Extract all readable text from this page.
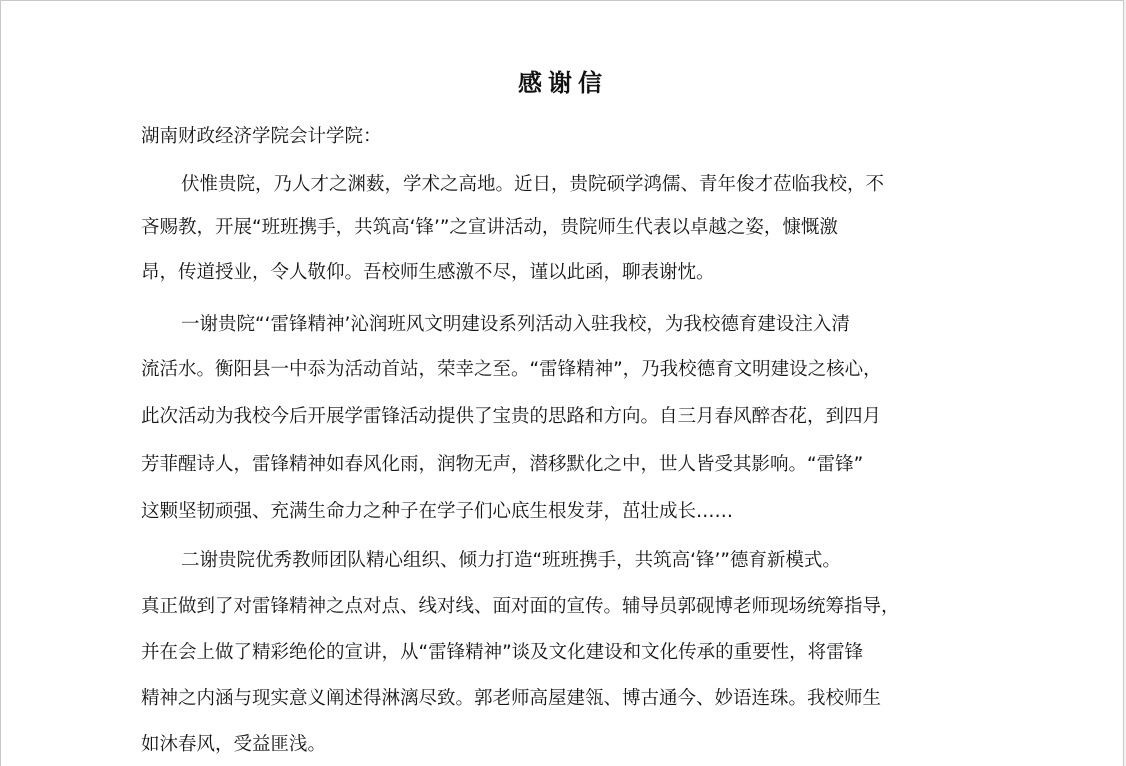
感谢信
湖南财政经济学院会计学院：
伏惟贵院，乃人才之渊薮，学术之高地。近日，贵院硕学鸿儒、青年俊才莅临我校，不
吝赐教，开展“班班携手，共筑高‘锋’”之宣讲活动，贵院师生代表以卓越之姿，慷慨激
昂，传道授业，令人敬仰。吾校师生感激不尽，谨以此函，聊表谢忱。
一谢贵院“‘雷锋精神’沁润班风文明建设系列活动入驻我校，为我校德育建设注入清
流活水。衡阳县一中忝为活动首站，荣幸之至。“雷锋精神”，乃我校德育文明建设之核心，
此次活动为我校今后开展学雷锋活动提供了宝贵的思路和方向。自三月春风醉杏花，到四月
芳菲醒诗人，雷锋精神如春风化雨，润物无声，潜移默化之中，世人皆受其影响。“雷锋”
这颗坚韧顽强、充满生命力之种子在学子们心底生根发芽，茁壮成长……
二谢贵院优秀教师团队精心组织、倾力打造“班班携手，共筑高‘锋’”德育新模式。
真正做到了对雷锋精神之点对点、线对线、面对面的宣传。辅导员郭砚博老师现场统筹指导，
并在会上做了精彩绝伦的宣讲，从“雷锋精神”谈及文化建设和文化传承的重要性，将雷锋
精神之内涵与现实意义阐述得淋漓尽致。郭老师高屋建瓴、博古通今、妙语连珠。我校师生
如沐春风，受益匪浅。
